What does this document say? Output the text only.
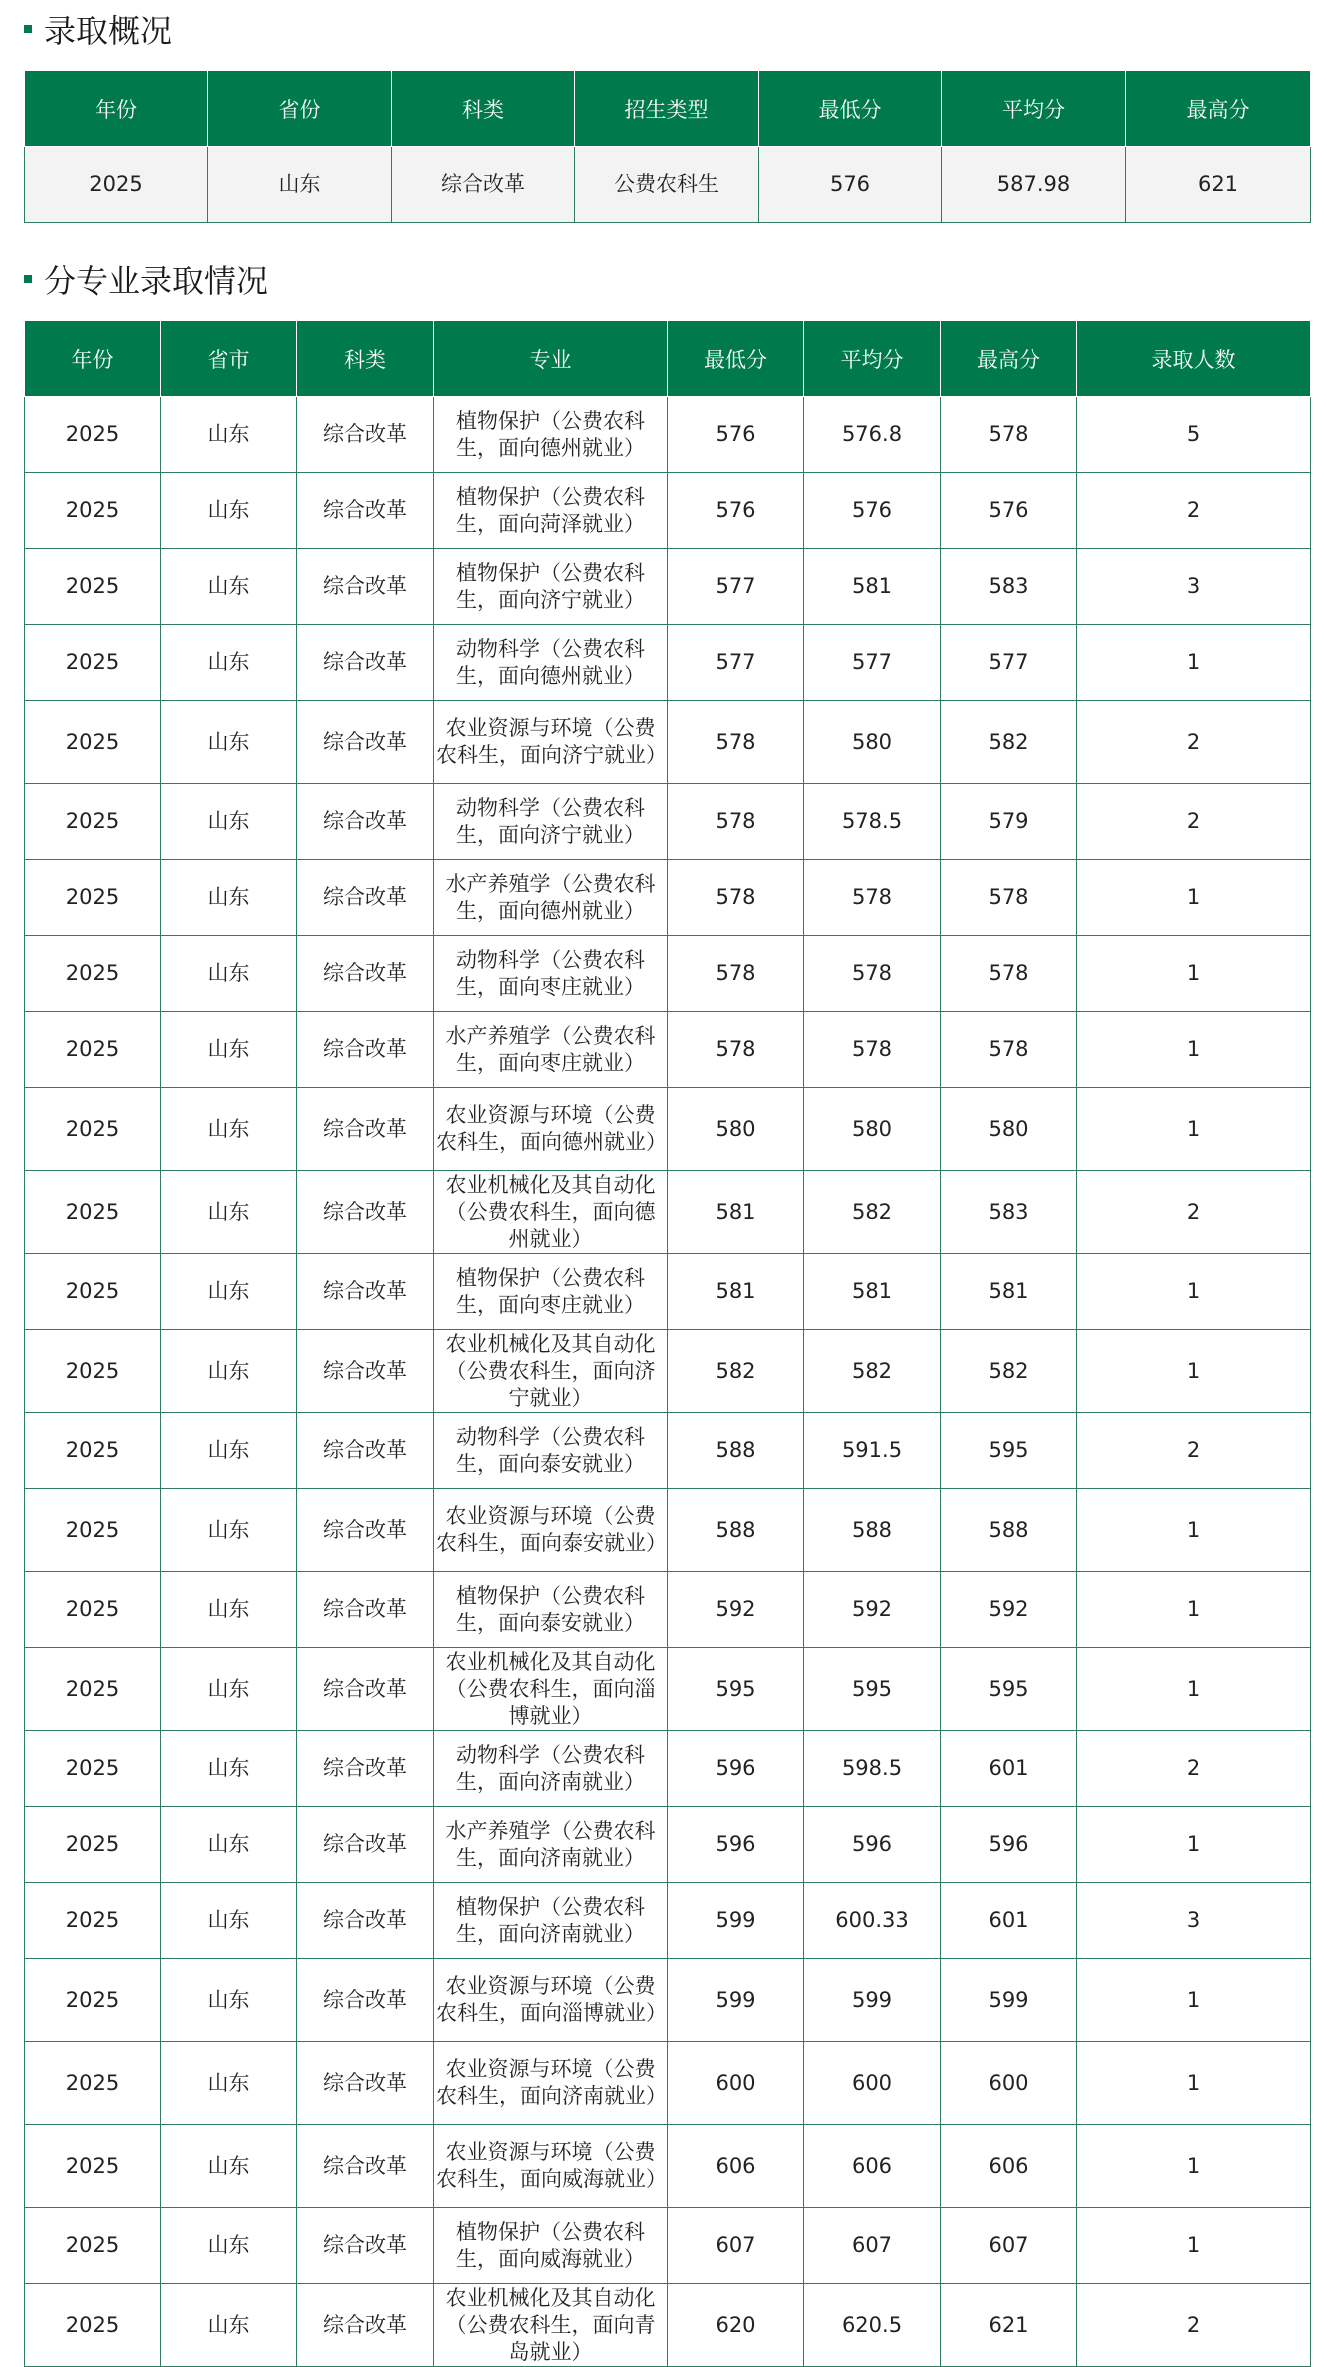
录取概况
年份	省份	科类	招生类型	最低分	平均分	最高分
2025	山东	综合改革	公费农科生	576	587.98	621
分专业录取情况
年份	省市	科类	专业	最低分	平均分	最高分	录取人数
2025	山东	综合改革	植物保护（公费农科生，面向德州就业）	576	576.8	578	5
2025	山东	综合改革	植物保护（公费农科生，面向菏泽就业）	576	576	576	2
2025	山东	综合改革	植物保护（公费农科生，面向济宁就业）	577	581	583	3
2025	山东	综合改革	动物科学（公费农科生，面向德州就业）	577	577	577	1
2025	山东	综合改革	农业资源与环境（公费农科生，面向济宁就业）	578	580	582	2
2025	山东	综合改革	动物科学（公费农科生，面向济宁就业）	578	578.5	579	2
2025	山东	综合改革	水产养殖学（公费农科生，面向德州就业）	578	578	578	1
2025	山东	综合改革	动物科学（公费农科生，面向枣庄就业）	578	578	578	1
2025	山东	综合改革	水产养殖学（公费农科生，面向枣庄就业）	578	578	578	1
2025	山东	综合改革	农业资源与环境（公费农科生，面向德州就业）	580	580	580	1
2025	山东	综合改革	农业机械化及其自动化（公费农科生，面向德州就业）	581	582	583	2
2025	山东	综合改革	植物保护（公费农科生，面向枣庄就业）	581	581	581	1
2025	山东	综合改革	农业机械化及其自动化（公费农科生，面向济宁就业）	582	582	582	1
2025	山东	综合改革	动物科学（公费农科生，面向泰安就业）	588	591.5	595	2
2025	山东	综合改革	农业资源与环境（公费农科生，面向泰安就业）	588	588	588	1
2025	山东	综合改革	植物保护（公费农科生，面向泰安就业）	592	592	592	1
2025	山东	综合改革	农业机械化及其自动化（公费农科生，面向淄博就业）	595	595	595	1
2025	山东	综合改革	动物科学（公费农科生，面向济南就业）	596	598.5	601	2
2025	山东	综合改革	水产养殖学（公费农科生，面向济南就业）	596	596	596	1
2025	山东	综合改革	植物保护（公费农科生，面向济南就业）	599	600.33	601	3
2025	山东	综合改革	农业资源与环境（公费农科生，面向淄博就业）	599	599	599	1
2025	山东	综合改革	农业资源与环境（公费农科生，面向济南就业）	600	600	600	1
2025	山东	综合改革	农业资源与环境（公费农科生，面向威海就业）	606	606	606	1
2025	山东	综合改革	植物保护（公费农科生，面向威海就业）	607	607	607	1
2025	山东	综合改革	农业机械化及其自动化（公费农科生，面向青岛就业）	620	620.5	621	2
